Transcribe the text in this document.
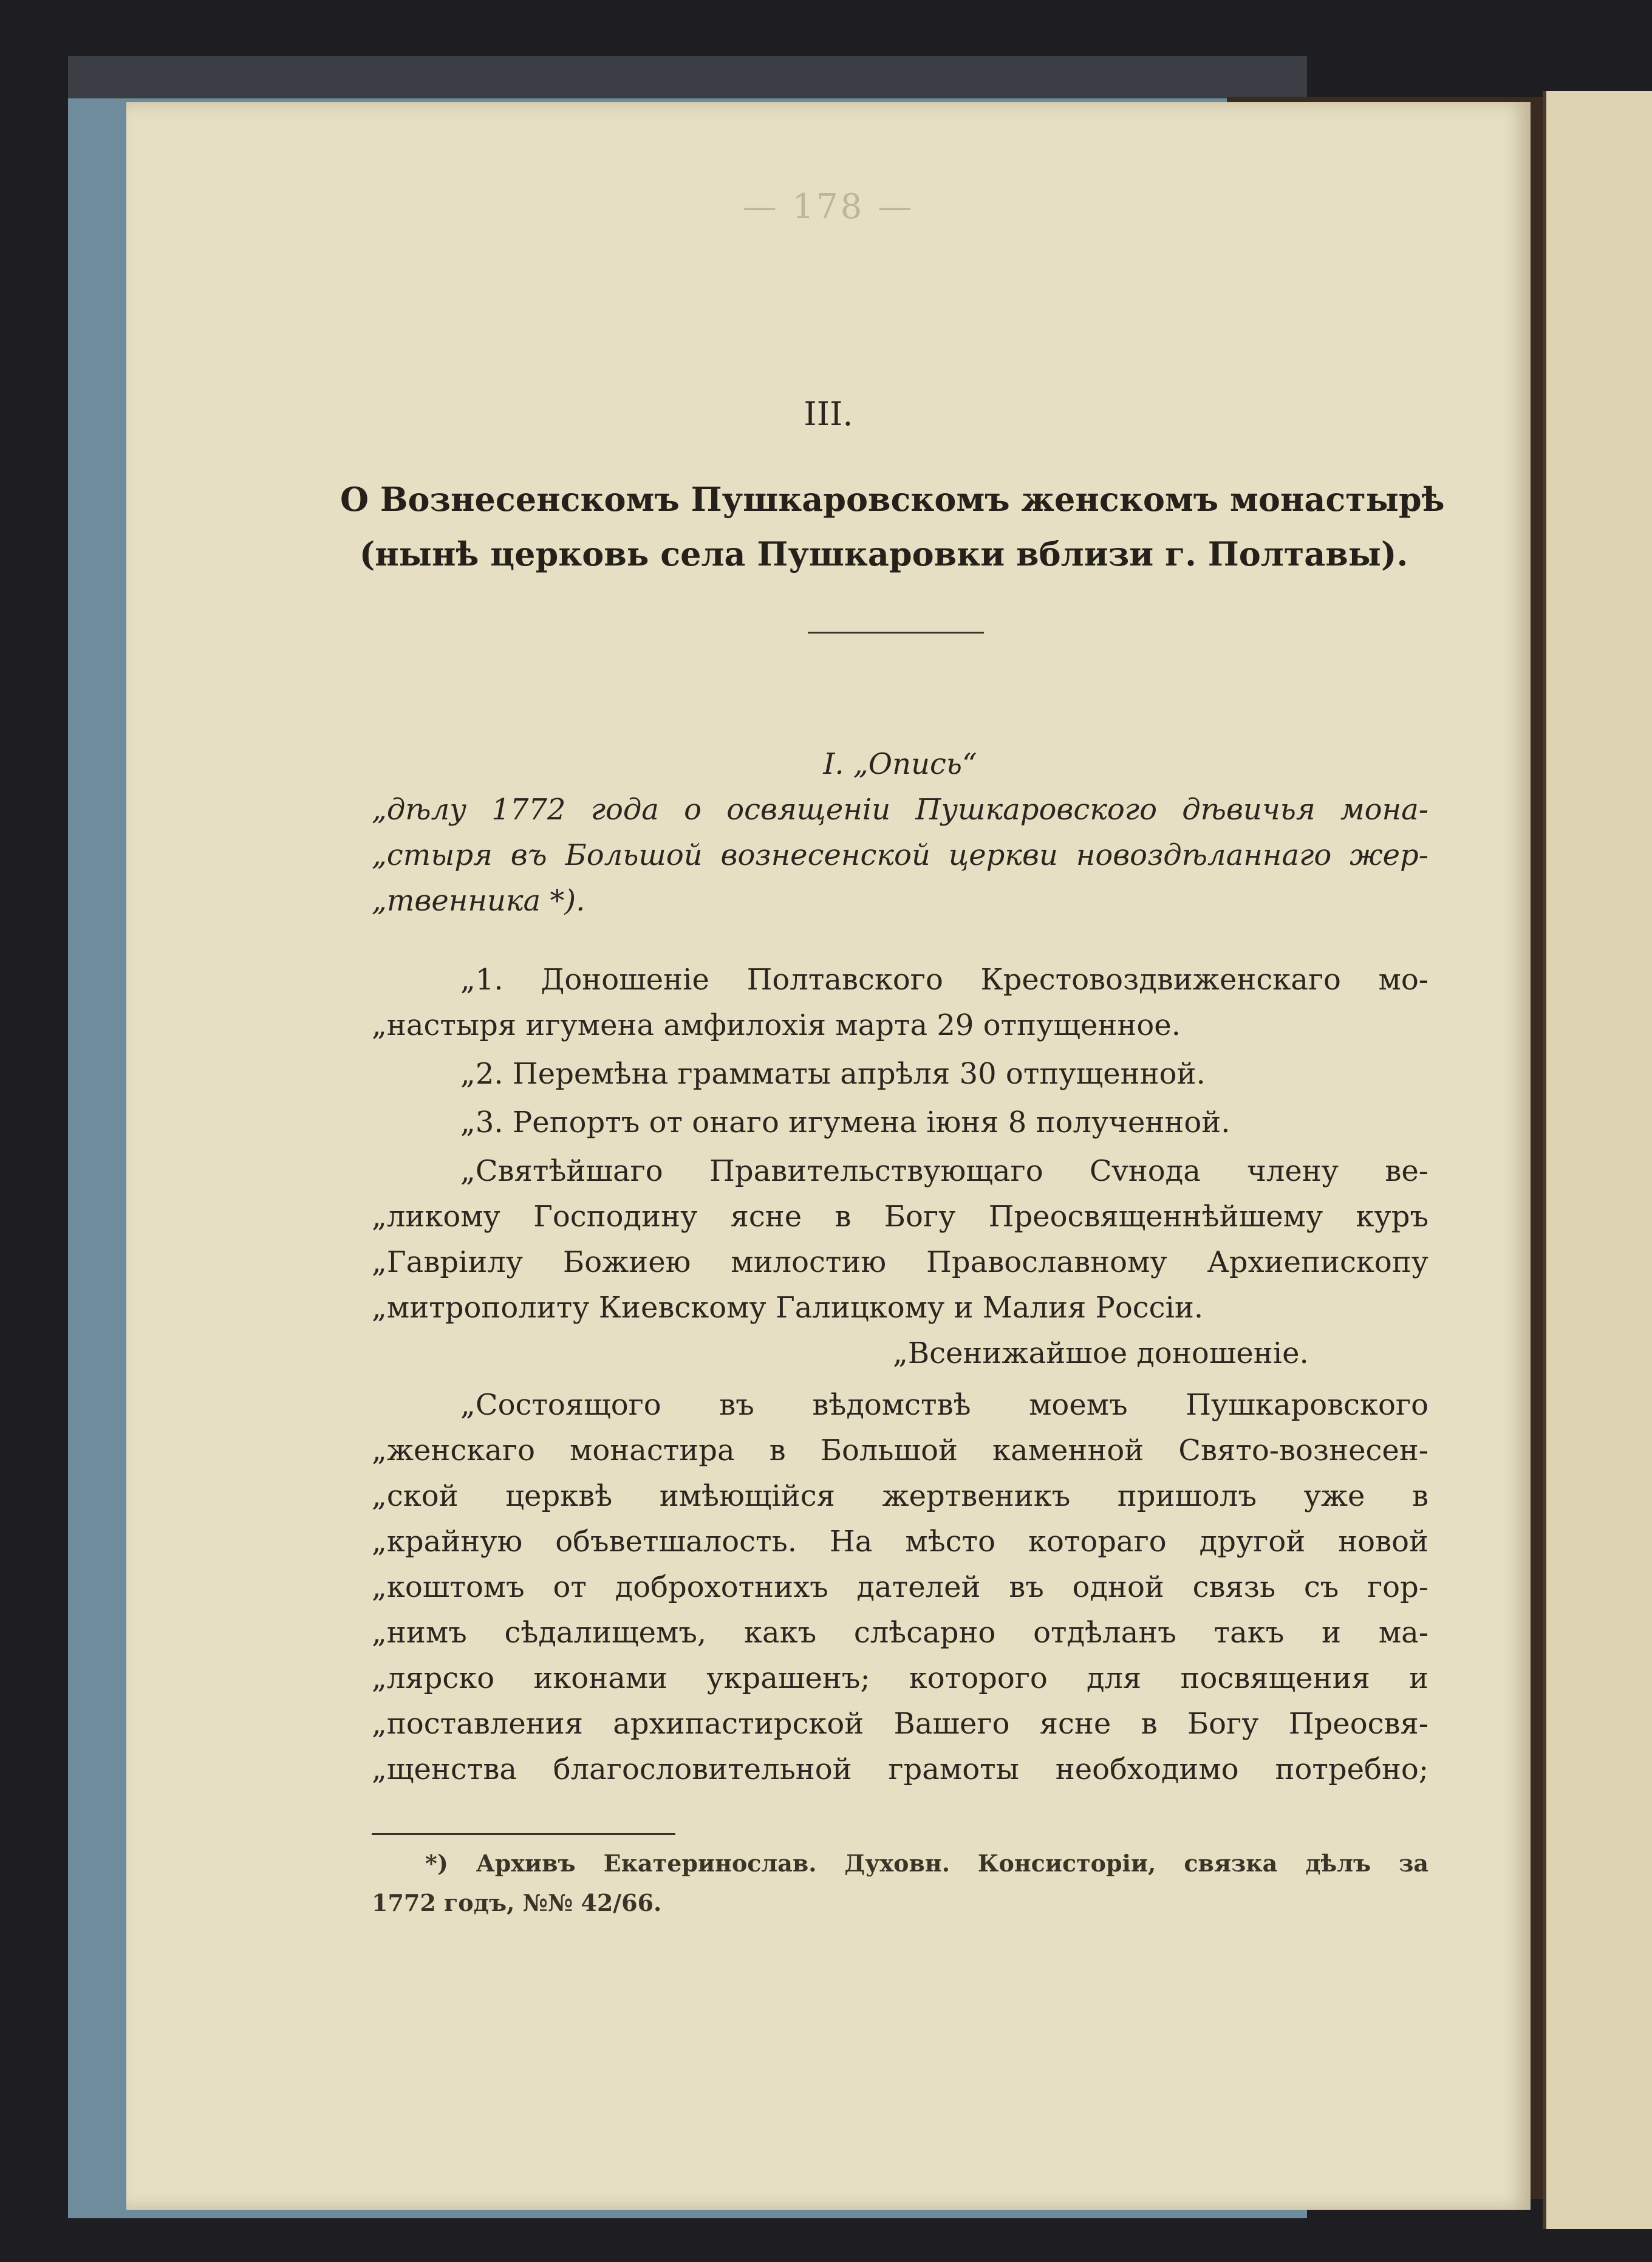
— 178 —
III.
О Вознесенскомъ Пушкаровскомъ женскомъ монастырѣ
(нынѣ церковь села Пушкаровки вблизи г. Полтавы).
I. „Опись“
„дѣлу 1772 года о освященіи Пушкаровского дѣвичья мона-
„стыря въ Большой вознесенской церкви новоздѣланнаго жер-
„твенника *).
„1. Доношеніе Полтавского Крестовоздвиженскаго мо-
„настыря игумена амфилохія марта 29 отпущенное.
„2. Перемѣна грамматы aпрѣля 30 отпущенной.
„3. Репортъ от онаго игумена іюня 8 полученной.
„Святѣйшаго Правительствующаго Сvнода члену ве-
„ликому Господину ясне в Богу Преосвященнѣйшему куръ
„Гавріилу Божиею милостию Православному Архиепископу
„митрополиту Киевскому Галицкому и Малия Россіи.
„Всенижайшое доношеніе.
„Состоящого въ вѣдомствѣ моемъ Пушкаровского
„женскаго монастира в Большой каменной Свято-вознесен-
„ской церквѣ имѣющійся жертвеникъ пришолъ уже в
„крайную объветшалость. На мѣсто котораго другой новой
„коштомъ от доброхотнихъ дателей въ одной связь съ гор-
„нимъ сѣдалищемъ, какъ слѣсарно отдѣланъ такъ и ма-
„лярско иконами украшенъ; которого для посвящения и
„поставления архипастирской Вашего ясне в Богу Преосвя-
„щенства благословительной грамоты необходимо потребно;
*) Архивъ Екатеринослав. Духовн. Консисторіи, связка дѣлъ за
1772 годъ, №№ 42/66.
